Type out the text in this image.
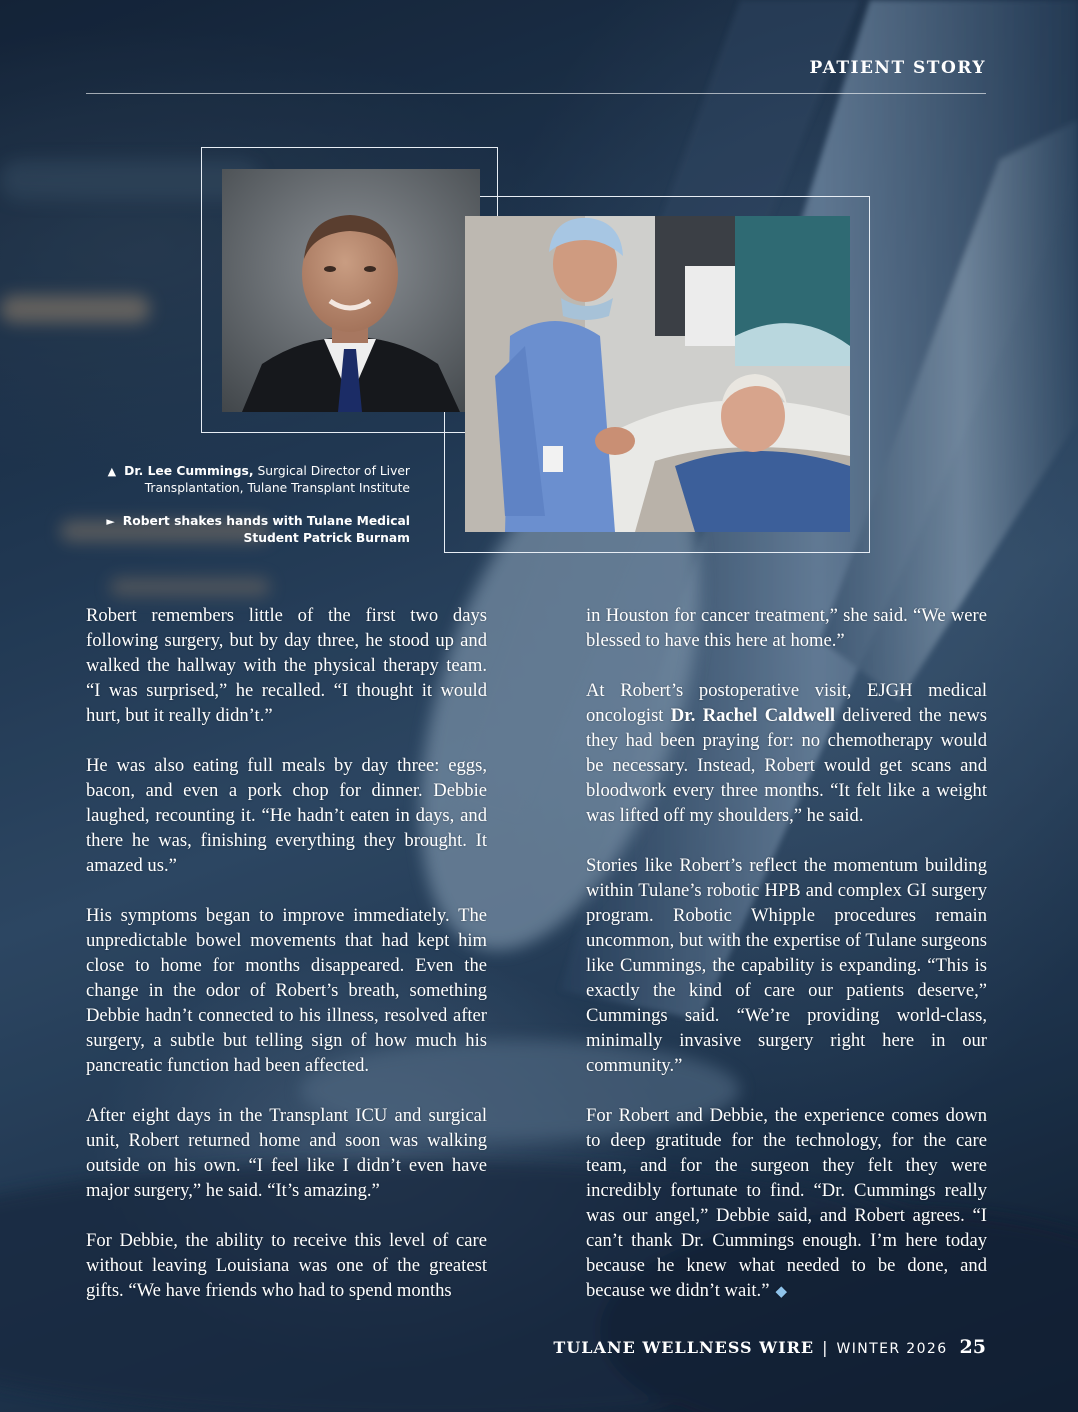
PATIENT STORY
▲ Dr. Lee Cummings, Surgical Director of Liver Transplantation, Tulane Transplant Institute
► Robert shakes hands with Tulane Medical Student Patrick Burnam

Robert remembers little of the first two days following surgery, but by day three, he stood up and walked the hallway with the physical therapy team. “I was surprised,” he recalled. “I thought it would hurt, but it really didn’t.”

He was also eating full meals by day three: eggs, bacon, and even a pork chop for dinner. Debbie laughed, recounting it. “He hadn’t eaten in days, and there he was, finishing everything they brought. It amazed us.”

His symptoms began to improve immediately. The unpredictable bowel movements that had kept him close to home for months disappeared. Even the change in the odor of Robert’s breath, something Debbie hadn’t connected to his illness, resolved after surgery, a subtle but telling sign of how much his pancreatic function had been affected.

After eight days in the Transplant ICU and surgical unit, Robert returned home and soon was walking outside on his own. “I feel like I didn’t even have major surgery,” he said. “It’s amazing.”

For Debbie, the ability to receive this level of care without leaving Louisiana was one of the greatest gifts. “We have friends who had to spend months

in Houston for cancer treatment,” she said. “We were blessed to have this here at home.”

At Robert’s postoperative visit, EJGH medical oncologist Dr. Rachel Caldwell delivered the news they had been praying for: no chemotherapy would be necessary. Instead, Robert would get scans and bloodwork every three months. “It felt like a weight was lifted off my shoulders,” he said.

Stories like Robert’s reflect the momentum building within Tulane’s robotic HPB and complex GI surgery program. Robotic Whipple procedures remain uncommon, but with the expertise of Tulane surgeons like Cummings, the capability is expanding. “This is exactly the kind of care our patients deserve,” Cummings said. “We’re providing world-class, minimally invasive surgery right here in our community.”

For Robert and Debbie, the experience comes down to deep gratitude for the technology, for the care team, and for the surgeon they felt they were incredibly fortunate to find. “Dr. Cummings really was our angel,” Debbie said, and Robert agrees. “I can’t thank Dr. Cummings enough. I’m here today because he knew what needed to be done, and because we didn’t wait.” ◆

TULANE WELLNESS WIRE | WINTER 2026 25
